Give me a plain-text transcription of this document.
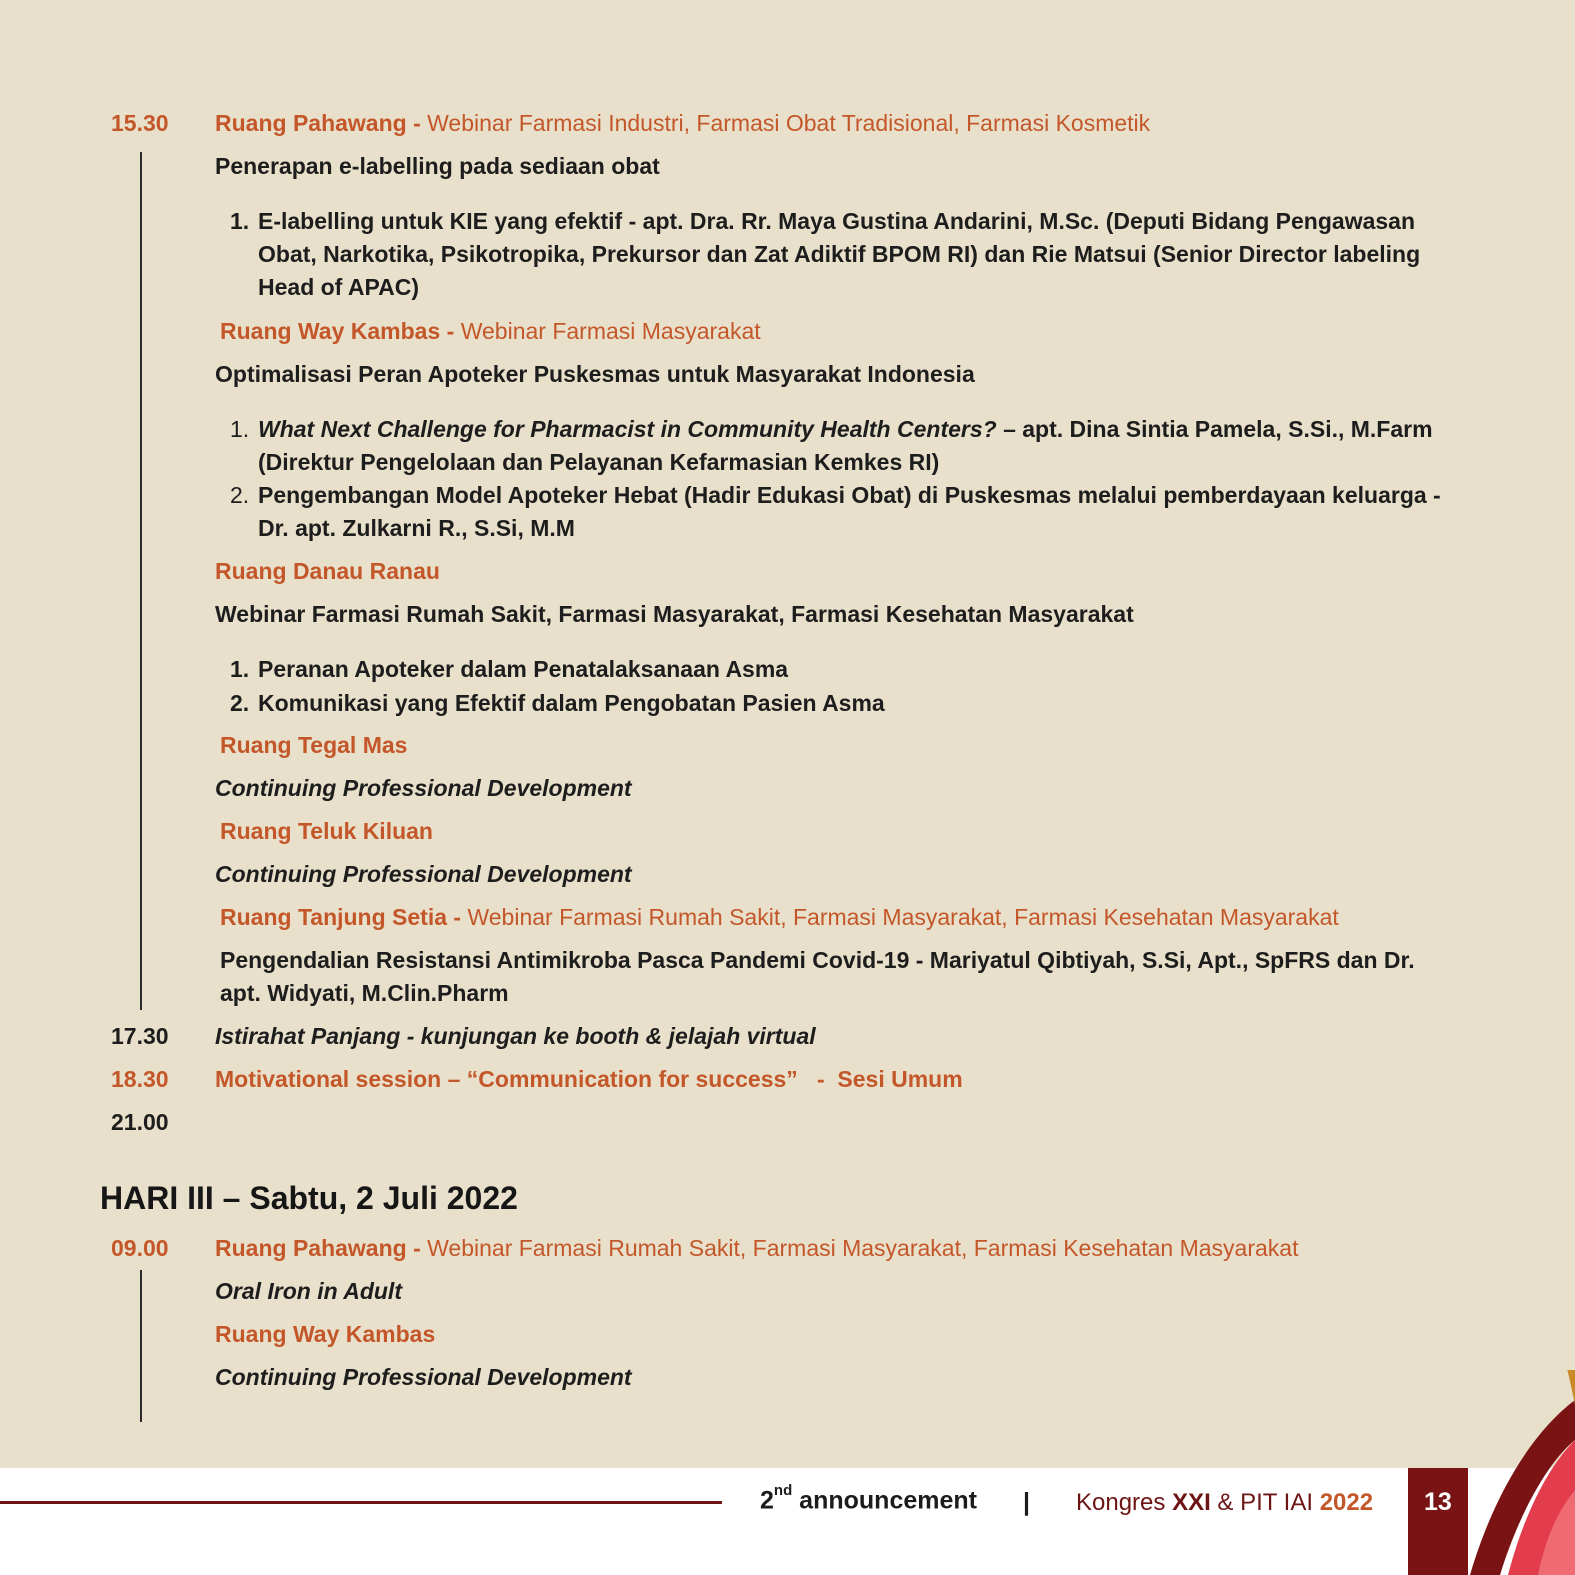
15.30 Ruang Pahawang - Webinar Farmasi Industri, Farmasi Obat Tradisional, Farmasi Kosmetik
Penerapan e-labelling pada sediaan obat
1. E-labelling untuk KIE yang efektif - apt. Dra. Rr. Maya Gustina Andarini, M.Sc. (Deputi Bidang Pengawasan Obat, Narkotika, Psikotropika, Prekursor dan Zat Adiktif BPOM RI) dan Rie Matsui (Senior Director labeling Head of APAC)
Ruang Way Kambas - Webinar Farmasi Masyarakat
Optimalisasi Peran Apoteker Puskesmas untuk Masyarakat Indonesia
1. What Next Challenge for Pharmacist in Community Health Centers? – apt. Dina Sintia Pamela, S.Si., M.Farm (Direktur Pengelolaan dan Pelayanan Kefarmasian Kemkes RI)
2. Pengembangan Model Apoteker Hebat (Hadir Edukasi Obat) di Puskesmas melalui pemberdayaan keluarga - Dr. apt. Zulkarni R., S.Si, M.M
Ruang Danau Ranau
Webinar Farmasi Rumah Sakit, Farmasi Masyarakat, Farmasi Kesehatan Masyarakat
1. Peranan Apoteker dalam Penatalaksanaan Asma
2. Komunikasi yang Efektif dalam Pengobatan Pasien Asma
Ruang Tegal Mas
Continuing Professional Development
Ruang Teluk Kiluan
Continuing Professional Development
Ruang Tanjung Setia - Webinar Farmasi Rumah Sakit, Farmasi Masyarakat, Farmasi Kesehatan Masyarakat
Pengendalian Resistansi Antimikroba Pasca Pandemi Covid-19 - Mariyatul Qibtiyah, S.Si, Apt., SpFRS dan Dr.
apt. Widyati, M.Clin.Pharm
17.30 Istirahat Panjang - kunjungan ke booth & jelajah virtual
18.30 Motivational session – “Communication for success”   -  Sesi Umum
21.00
HARI III – Sabtu, 2 Juli 2022
09.00 Ruang Pahawang - Webinar Farmasi Rumah Sakit, Farmasi Masyarakat, Farmasi Kesehatan Masyarakat
Oral Iron in Adult
Ruang Way Kambas
Continuing Professional Development
2nd announcement | Kongres XXI & PIT IAI 2022 13
